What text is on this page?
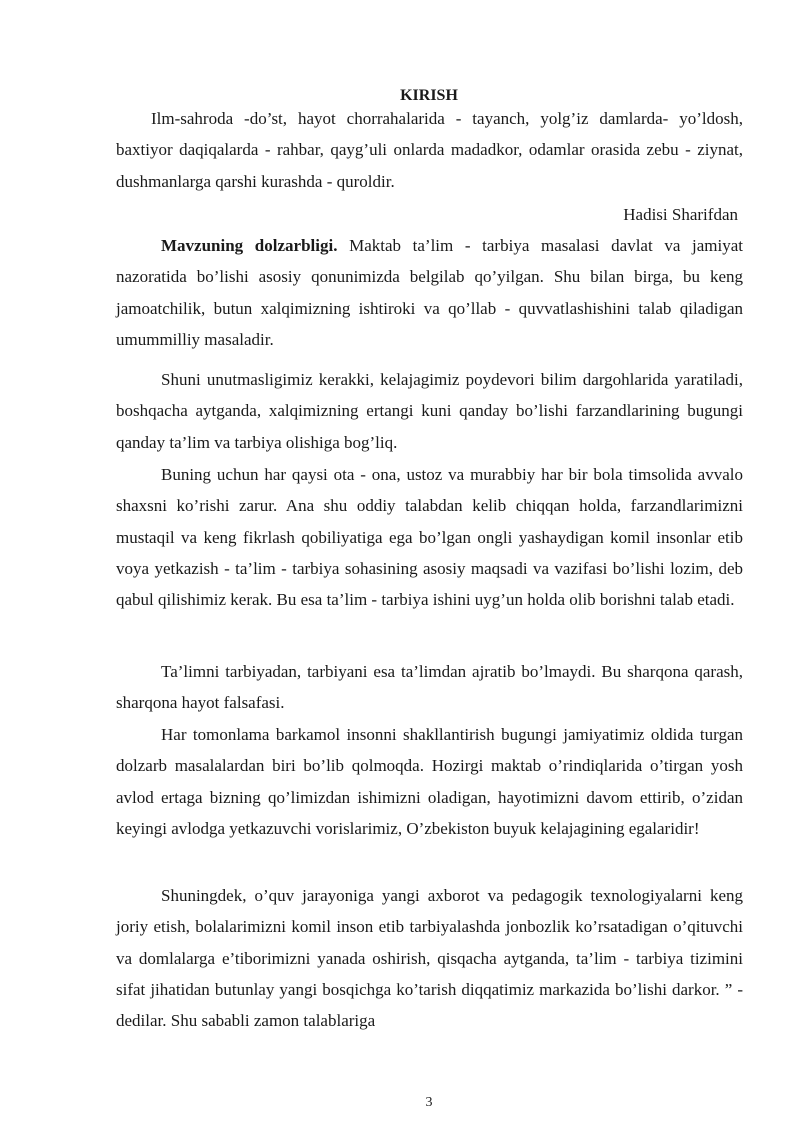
KIRISH

Ilm-sahroda -do’st, hayot chorrahalarida - tayanch, yolg’iz damlarda- yo’ldosh, baxtiyor daqiqalarda - rahbar, qayg’uli onlarda madadkor, odamlar orasida zebu - ziynat, dushmanlarga qarshi kurashda - quroldir.

Hadisi Sharifdan

Mavzuning dolzarbligi. Maktab ta’lim - tarbiya masalasi davlat va jamiyat nazoratida bo’lishi asosiy qonunimizda belgilab qo’yilgan. Shu bilan birga, bu keng jamoatchilik, butun xalqimizning ishtiroki va qo’llab - quvvatlashishini talab qiladigan umummilliy masaladir.

Shuni unutmasligimiz kerakki, kelajagimiz poydevori bilim dargohlarida yaratiladi, boshqacha aytganda, xalqimizning ertangi kuni qanday bo’lishi farzandlarining bugungi qanday ta’lim va tarbiya olishiga bog’liq.

Buning uchun har qaysi ota - ona, ustoz va murabbiy har bir bola timsolida avvalo shaxsni ko’rishi zarur. Ana shu oddiy talabdan kelib chiqqan holda, farzandlarimizni mustaqil va keng fikrlash qobiliyatiga ega bo’lgan ongli yashaydigan komil insonlar etib voya yetkazish - ta’lim - tarbiya sohasining asosiy maqsadi va vazifasi bo’lishi lozim, deb qabul qilishimiz kerak. Bu esa ta’lim - tarbiya ishini uyg’un holda olib borishni talab etadi.

Ta’limni tarbiyadan, tarbiyani esa ta’limdan ajratib bo’lmaydi. Bu sharqona qarash, sharqona hayot falsafasi.

Har tomonlama barkamol insonni shakllantirish bugungi jamiyatimiz oldida turgan dolzarb masalalardan biri bo’lib qolmoqda. Hozirgi maktab o’rindiqlarida o’tirgan yosh avlod ertaga bizning qo’limizdan ishimizni oladigan, hayotimizni davom ettirib, o’zidan keyingi avlodga yetkazuvchi vorislarimiz, O’zbekiston buyuk kelajagining egalaridir!

Shuningdek, o’quv jarayoniga yangi axborot va pedagogik texnologiyalarni keng joriy etish, bolalarimizni komil inson etib tarbiyalashda jonbozlik ko’rsatadigan o’qituvchi va domlalarga e’tiborimizni yanada oshirish, qisqacha aytganda, ta’lim - tarbiya tizimini sifat jihatidan butunlay yangi bosqichga ko’tarish diqqatimiz markazida bo’lishi darkor. ” - dedilar. Shu sababli zamon talablariga

3
